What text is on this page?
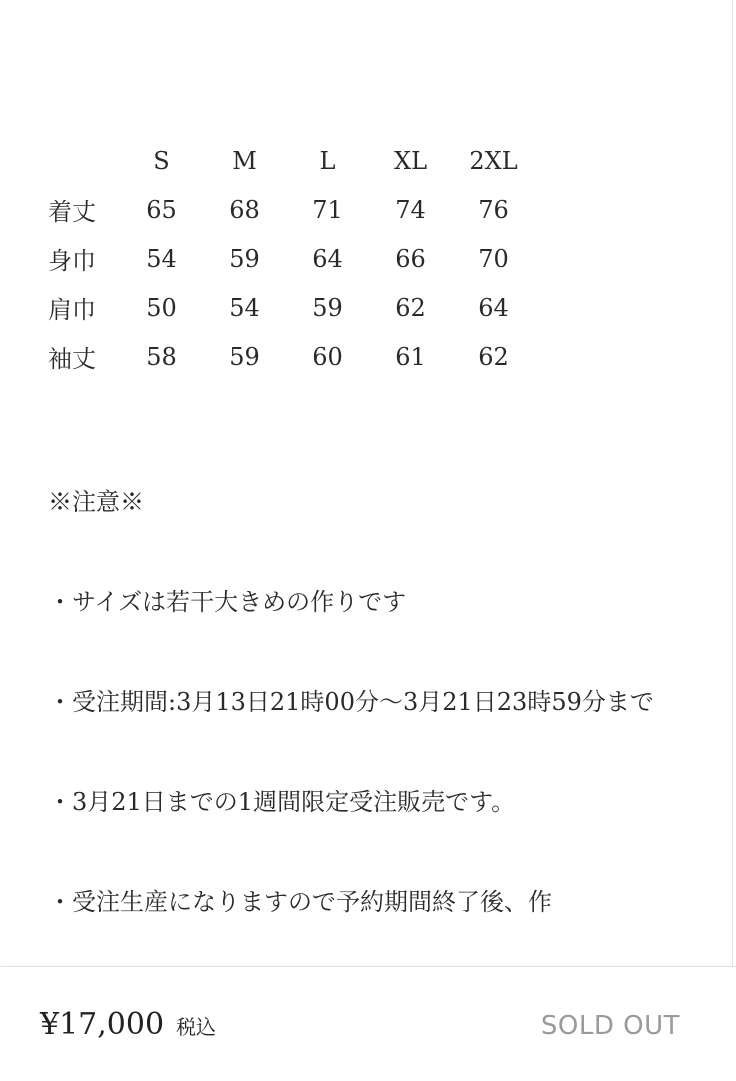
	S	M	L	XL	2XL
着丈	65	68	71	74	76
身巾	54	59	64	66	70
肩巾	50	54	59	62	64
袖丈	58	59	60	61	62

※注意※

・サイズは若干大きめの作りです

・受注期間:3月13日21時00分〜3月21日23時59分まで

・3月21日までの1週間限定受注販売です。

・受注生産になりますので予約期間終了後、作

¥17,000 税込	SOLD OUT
